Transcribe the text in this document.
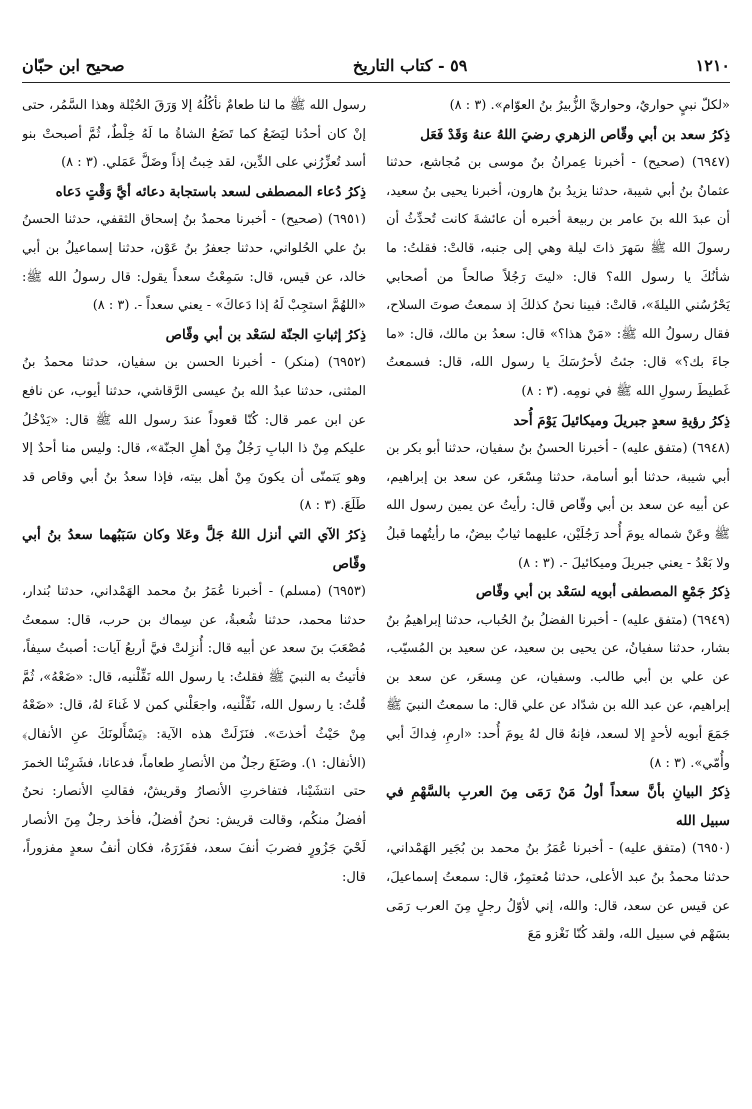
١٢١٠
٥٩ - كتاب التاريخ
صحيح ابن حبّان

«لكلّ نبيٍ حواريٌ، وحواريَّ الزُّبيرُ بنُ العوّام». (٣ : ٨)

ذِكرُ سعد بن أبي وقّاص الزهري رضيَ اللهُ عنهُ وَقَدْ فَعَل

(٦٩٤٧) (صحيح) - أخبرنا عِمرانُ بنُ موسى بن مُجاشع، حدثنا عثمانُ بنُ أبي شيبة، حدثنا يزيدُ بنُ هارون، أخبرنا يحيى بنُ سعيد، أن عبدَ الله بنَ عامر بن ربيعة أخبره أن عائشةَ كانت تُحدِّثُ أن رسولَ الله ﷺ سَهرَ ذاتَ ليلة وهي إلى جنبه، قالتْ: فقلتُ: ما شأنُكَ يا رسول الله؟ قال: «ليتَ رَجُلاً صالحاً من أصحابي يَحْرُسُني الليلةَ»، قالتْ: فبينا نحنُ كذلكَ إذ سمعتُ صوتَ السلاح، فقال رسولُ الله ﷺ: «مَنْ هذا؟» قال: سعدُ بن مالك، قال: «ما جاءَ بك؟» قال: جئتُ لأحرُسَكَ يا رسول الله، قال: فسمعتُ غَطيطَ رسولِ الله ﷺ في نومِه. (٣ : ٨)

ذِكرُ رؤيةِ سعدٍ جبريلَ وميكائيلَ يَوْمَ أُحد

(٦٩٤٨) (متفق عليه) - أخبرنا الحسنُ بنُ سفيان، حدثنا أبو بكر بن أبي شيبة، حدثنا أبو أسامة، حدثنا مِسْعَر، عن سعد بن إبراهيم، عن أبيه عن سعد بن أبي وقّاص قال: رأيتُ عن يمين رسول الله ﷺ وعَنْ شماله يومَ أُحد رَجُلَيْن، عليهما ثيابٌ بيضٌ، ما رأيتُهما قبلُ ولا بَعْدُ - يعني جبريلَ وميكائيلَ -. (٣ : ٨)

ذِكرُ جَمْعِ المصطفى أبويه لسَعْد بن أبي وقّاص

(٦٩٤٩) (متفق عليه) - أخبرنا الفضلُ بنُ الحُباب، حدثنا إبراهيمُ بنُ بشار، حدثنا سفيانُ، عن يحيى بن سعيد، عن سعيد بن المُسيّب، عن علي بن أبي طالب. وسفيان، عن مِسعَر، عن سعد بن إبراهيم، عن عبد الله بن شدّاد عن علي قال: ما سمعتُ النبيَ ﷺ جَمَعَ أبويه لأحدٍ إلا لسعد، فإنهُ قال لهُ يومَ أُحد: «ارمِ، فِداكَ أبي وأُمّي». (٣ : ٨)

ذِكرُ البيانِ بأنَّ سعداً أولُ مَنْ رَمَى مِنَ العربِ بالسَّهْمِ في سبيل الله

(٦٩٥٠) (متفق عليه) - أخبرنا عُمَرُ بنُ محمد بن بُجَير الهَمْداني، حدثنا محمدُ بنُ عبد الأعلى، حدثنا مُعتمِرٌ، قال: سمعتُ إسماعيلَ، عن قيس عن سعد، قال: والله، إني لأوّلُ رجلٍ مِنَ العرب رَمَى بسَهْم في سبيل الله، ولقد كُنّا نَغْزو مَعَ

رسول الله ﷺ ما لنا طعامٌ نأكُلُهُ إلا وَرَقَ الحُبْلة وهذا السَّمُر، حتى إنْ كان أحدُنا ليَضَعُ كما تَضَعُ الشاةُ ما لَهُ خِلْطٌ، ثُمَّ أصبحتْ بنو أسد تُعزِّرُني على الدِّين، لقد خِبتُ إذاً وضَلَّ عَمَلي. (٣ : ٨)

ذِكرُ دُعاء المصطفى لسعد باستجابة دعائه أيَّ وَقْتٍ دَعاه

(٦٩٥١) (صحيح) - أخبرنا محمدُ بنُ إسحاق الثقفي، حدثنا الحسنُ بنُ علي الحُلواني، حدثنا جعفرُ بنُ عَوْن، حدثنا إسماعيلُ بن أبي خالد، عن قيس، قال: سَمِعْتُ سعداً يقول: قال رسولُ الله ﷺ: «اللهُمَّ استجِبْ لَهُ إذا دَعاكَ» - يعني سعداً -. (٣ : ٨)

ذِكرُ إثباتِ الجنّة لسَعْد بن أبي وقّاص

(٦٩٥٢) (منكر) - أخبرنا الحسن بن سفيان، حدثنا محمدُ بنُ المثنى، حدثنا عبدُ الله بنُ عيسى الرَّقاشي، حدثنا أيوب، عن نافع عن ابن عمر قال: كُنّا قعوداً عندَ رسول الله ﷺ قال: «يَدْخُلُ عليكم مِنْ ذا البابِ رَجُلٌ مِنْ أهلِ الجنّة»، قال: وليس منا أحدٌ إلا وهو يَتمنّى أن يكونَ مِنْ أهل بيته، فإذا سعدُ بنُ أبي وقاص قد طَلَعَ. (٣ : ٨)

ذِكرُ الآي التي أنزل اللهُ جَلَّ وعَلا وكان سَبَبُهما سعدُ بنُ أبي وقّاص

(٦٩٥٣) (مسلم) - أخبرنا عُمَرُ بنُ محمد الهَمْداني، حدثنا بُندار، حدثنا محمد، حدثنا شُعبةُ، عن سِماك بن حرب، قال: سمعتُ مُصْعَبَ بنَ سعد عن أبيه قال: أُنزِلتْ فيَّ أربعُ آيات: أصبتُ سيفاً، فأتيتُ به النبيَ ﷺ فقلتُ: يا رسول الله نَفِّلْنيه، قال: «ضَعْهُ»، ثُمَّ قُلتُ: يا رسول الله، نَفِّلْنيه، واجعَلْني كمن لا غَناءَ لهُ، قال: «ضَعْهُ مِنْ حَيْثُ أخذتَ». فنَزَلَتْ هذه الآية: ﴿يَسْأَلونَكَ عنِ الأنفال﴾ (الأنفال: ١). وصَنَعَ رجلٌ من الأنصارِ طعاماً، فدعانا، فشَرِبْنا الخمرَ حتى انتشَيْنا، فتفاخرتِ الأنصارُ وقريشٌ، فقالتِ الأنصار: نحنُ أفضلُ منكُم، وقالت قريش: نحنُ أفضلُ، فأخذ رجلٌ مِنَ الأنصار لَحْيَ جَزُورٍ فضربَ أنفَ سعد، ففَزَرَهُ، فكان أنفُ سعدٍ مفزوراً، قال:
